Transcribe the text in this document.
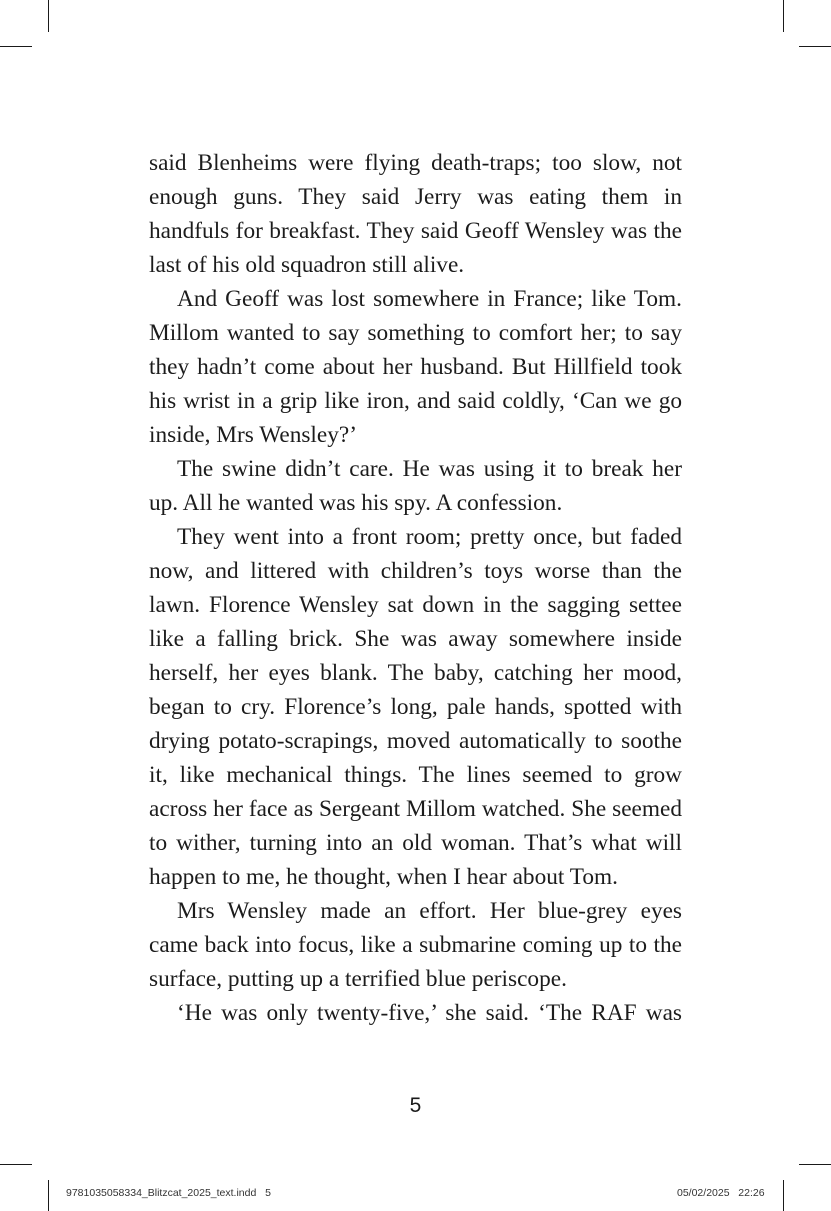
said Blenheims were flying death-traps; too slow, not enough guns. They said Jerry was eating them in handfuls for breakfast. They said Geoff Wensley was the last of his old squadron still alive.

And Geoff was lost somewhere in France; like Tom. Millom wanted to say something to comfort her; to say they hadn’t come about her husband. But Hillfield took his wrist in a grip like iron, and said coldly, ‘Can we go inside, Mrs Wensley?’

The swine didn’t care. He was using it to break her up. All he wanted was his spy. A confession.

They went into a front room; pretty once, but faded now, and littered with children’s toys worse than the lawn. Florence Wensley sat down in the sagging settee like a falling brick. She was away somewhere inside herself, her eyes blank. The baby, catching her mood, began to cry. Florence’s long, pale hands, spotted with drying potato-scrapings, moved automatically to soothe it, like mechanical things. The lines seemed to grow across her face as Sergeant Millom watched. She seemed to wither, turning into an old woman. That’s what will happen to me, he thought, when I hear about Tom.

Mrs Wensley made an effort. Her blue-grey eyes came back into focus, like a submarine coming up to the surface, putting up a terrified blue periscope.

‘He was only twenty-five,’ she said. ‘The RAF was

5
9781035058334_Blitzcat_2025_text.indd   5	05/02/2025   22:26
